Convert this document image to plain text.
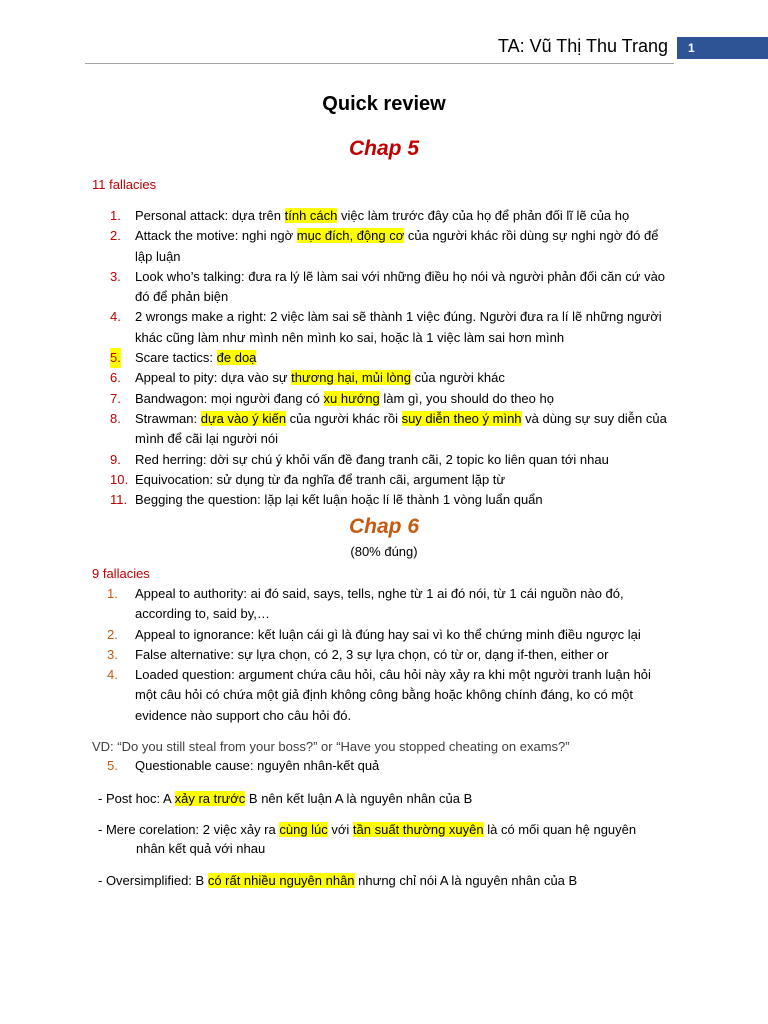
TA: Vũ Thị Thu Trang	1
Quick review
Chap 5
11 fallacies
1. Personal attack: dựa trên tính cách việc làm trước đây của họ để phản đối lĩ lẽ của họ
2. Attack the motive: nghi ngờ mục đích, động cơ của người khác rồi dùng sự nghi ngờ đó để lập luận
3. Look who’s talking: đưa ra lý lẽ làm sai với những điều họ nói và người phản đối căn cứ vào đó để phản biện
4. 2 wrongs make a right: 2 việc làm sai sẽ thành 1 việc đúng. Người đưa ra lí lẽ những người khác cũng làm như mình nên mình ko sai, hoặc là 1 việc làm sai hơn mình
5. Scare tactics: đe doạ
6. Appeal to pity: dựa vào sự thương hại, mủi lòng của người khác
7. Bandwagon: mọi người đang có xu hướng làm gì, you should do theo họ
8. Strawman: dựa vào ý kiến của người khác rồi suy diễn theo ý mình và dùng sự suy diễn của mình để cãi lại người nói
9. Red herring: dời sự chú ý khỏi vấn đề đang tranh cãi, 2 topic ko liên quan tới nhau
10. Equivocation: sử dụng từ đa nghĩa để tranh cãi, argument lặp từ
11. Begging the question: lặp lại kết luận hoặc lí lẽ thành 1 vòng luẩn quẩn
Chap 6
(80% đúng)
9 fallacies
1. Appeal to authority: ai đó said, says, tells, nghe từ 1 ai đó nói, từ 1 cái nguồn nào đó, according to, said by,…
2. Appeal to ignorance: kết luận cái gì là đúng hay sai vì ko thể chứng minh điều ngược lại
3. False alternative: sự lựa chọn, có 2, 3 sự lựa chọn, có từ or, dạng if-then, either or
4. Loaded question: argument chứa câu hỏi, câu hỏi này xảy ra khi một người tranh luận hỏi một câu hỏi có chứa một giả định không công bằng hoặc không chính đáng, ko có một evidence nào support cho câu hỏi đó.
VD: “Do you still steal from your boss?” or “Have you stopped cheating on exams?”
5. Questionable cause: nguyên nhân-kết quả
- Post hoc: A xảy ra trước B nên kết luận A là nguyên nhân của B
- Mere corelation: 2 việc xảy ra cùng lúc với tần suất thường xuyên là có mối quan hệ nguyên
nhân kết quả với nhau
- Oversimplified: B có rất nhiều nguyên nhân nhưng chỉ nói A là nguyên nhân của B
